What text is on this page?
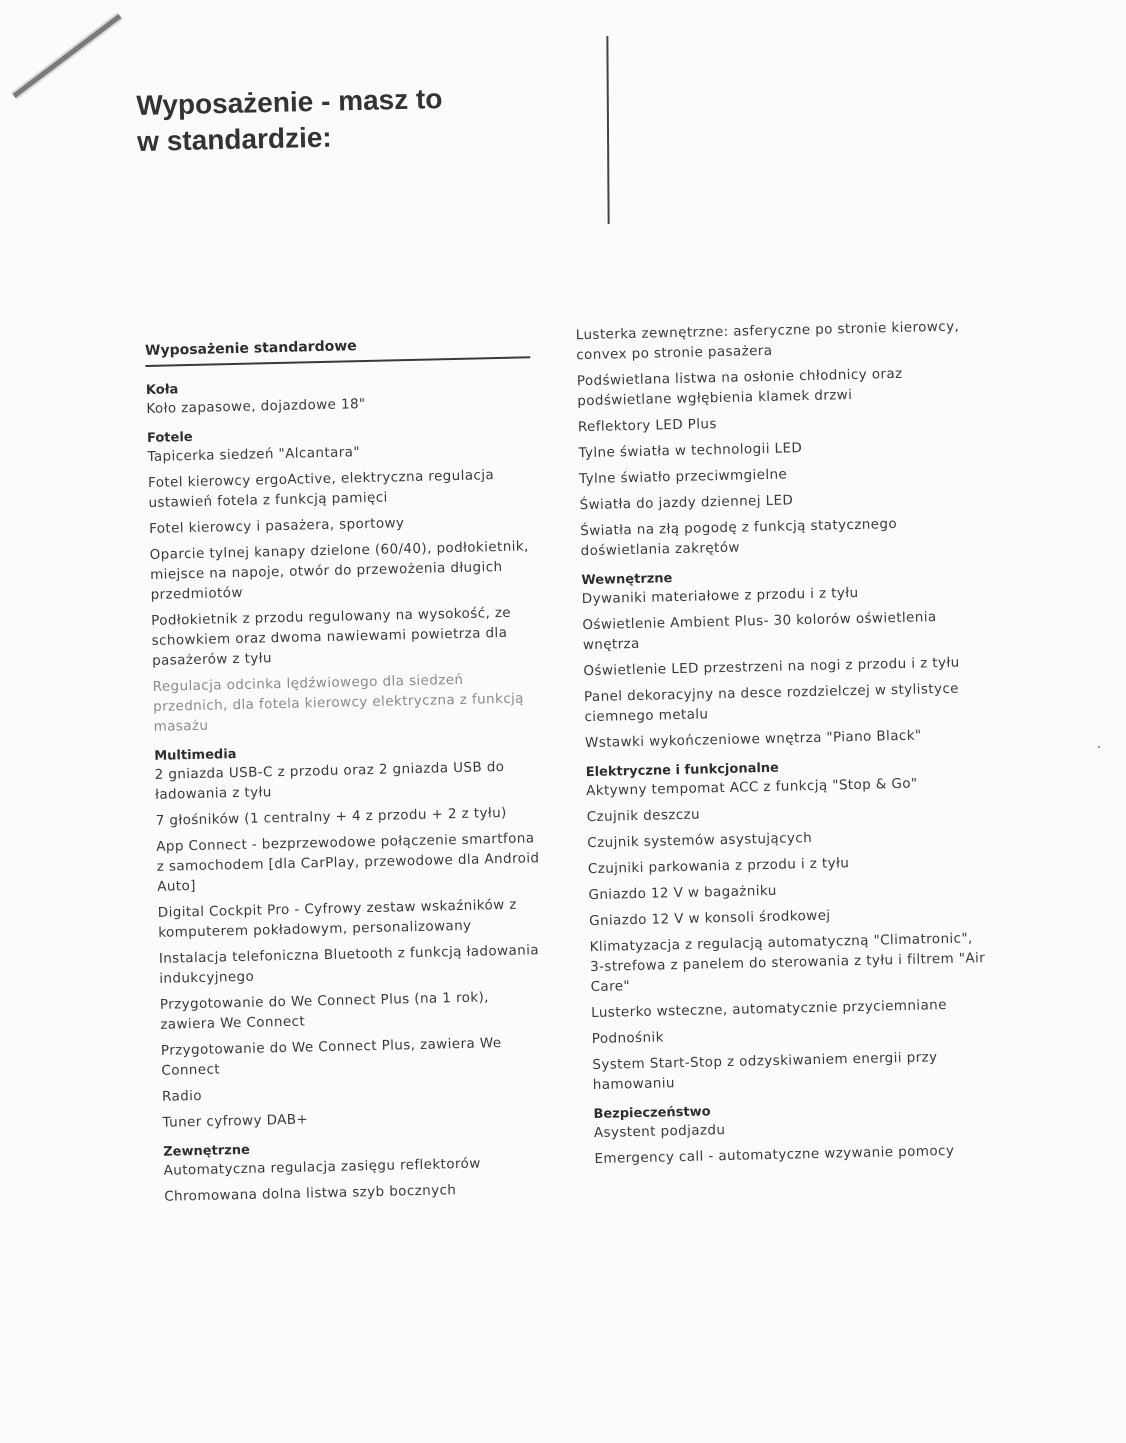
Wyposażenie - masz to
w standardzie:
Wyposażenie standardowe
Koła
Koło zapasowe, dojazdowe 18"
Fotele
Tapicerka siedzeń "Alcantara"
Fotel kierowcy ergoActive, elektryczna regulacja ustawień fotela z funkcją pamięci
Fotel kierowcy i pasażera, sportowy
Oparcie tylnej kanapy dzielone (60/40), podłokietnik, miejsce na napoje, otwór do przewożenia długich przedmiotów
Podłokietnik z przodu regulowany na wysokość, ze schowkiem oraz dwoma nawiewami powietrza dla pasażerów z tyłu
Regulacja odcinka lędźwiowego dla siedzeń przednich, dla fotela kierowcy elektryczna z funkcją masażu
Multimedia
2 gniazda USB-C z przodu oraz 2 gniazda USB do ładowania z tyłu
7 głośników (1 centralny + 4 z przodu + 2 z tyłu)
App Connect - bezprzewodowe połączenie smartfona z samochodem [dla CarPlay, przewodowe dla Android Auto]
Digital Cockpit Pro - Cyfrowy zestaw wskaźników z komputerem pokładowym, personalizowany
Instalacja telefoniczna Bluetooth z funkcją ładowania indukcyjnego
Przygotowanie do We Connect Plus (na 1 rok), zawiera We Connect
Przygotowanie do We Connect Plus, zawiera We Connect
Radio
Tuner cyfrowy DAB+
Zewnętrzne
Automatyczna regulacja zasięgu reflektorów
Chromowana dolna listwa szyb bocznych
Lusterka zewnętrzne: asferyczne po stronie kierowcy, convex po stronie pasażera
Podświetlana listwa na osłonie chłodnicy oraz podświetlane wgłębienia klamek drzwi
Reflektory LED Plus
Tylne światła w technologii LED
Tylne światło przeciwmgielne
Światła do jazdy dziennej LED
Światła na złą pogodę z funkcją statycznego doświetlania zakrętów
Wewnętrzne
Dywaniki materiałowe z przodu i z tyłu
Oświetlenie Ambient Plus- 30 kolorów oświetlenia wnętrza
Oświetlenie LED przestrzeni na nogi z przodu i z tyłu
Panel dekoracyjny na desce rozdzielczej w stylistyce ciemnego metalu
Wstawki wykończeniowe wnętrza "Piano Black"
Elektryczne i funkcjonalne
Aktywny tempomat ACC z funkcją "Stop & Go"
Czujnik deszczu
Czujnik systemów asystujących
Czujniki parkowania z przodu i z tyłu
Gniazdo 12 V w bagażniku
Gniazdo 12 V w konsoli środkowej
Klimatyzacja z regulacją automatyczną "Climatronic", 3-strefowa z panelem do sterowania z tyłu i filtrem "Air Care"
Lusterko wsteczne, automatycznie przyciemniane
Podnośnik
System Start-Stop z odzyskiwaniem energii przy hamowaniu
Bezpieczeństwo
Asystent podjazdu
Emergency call - automatyczne wzywanie pomocy
